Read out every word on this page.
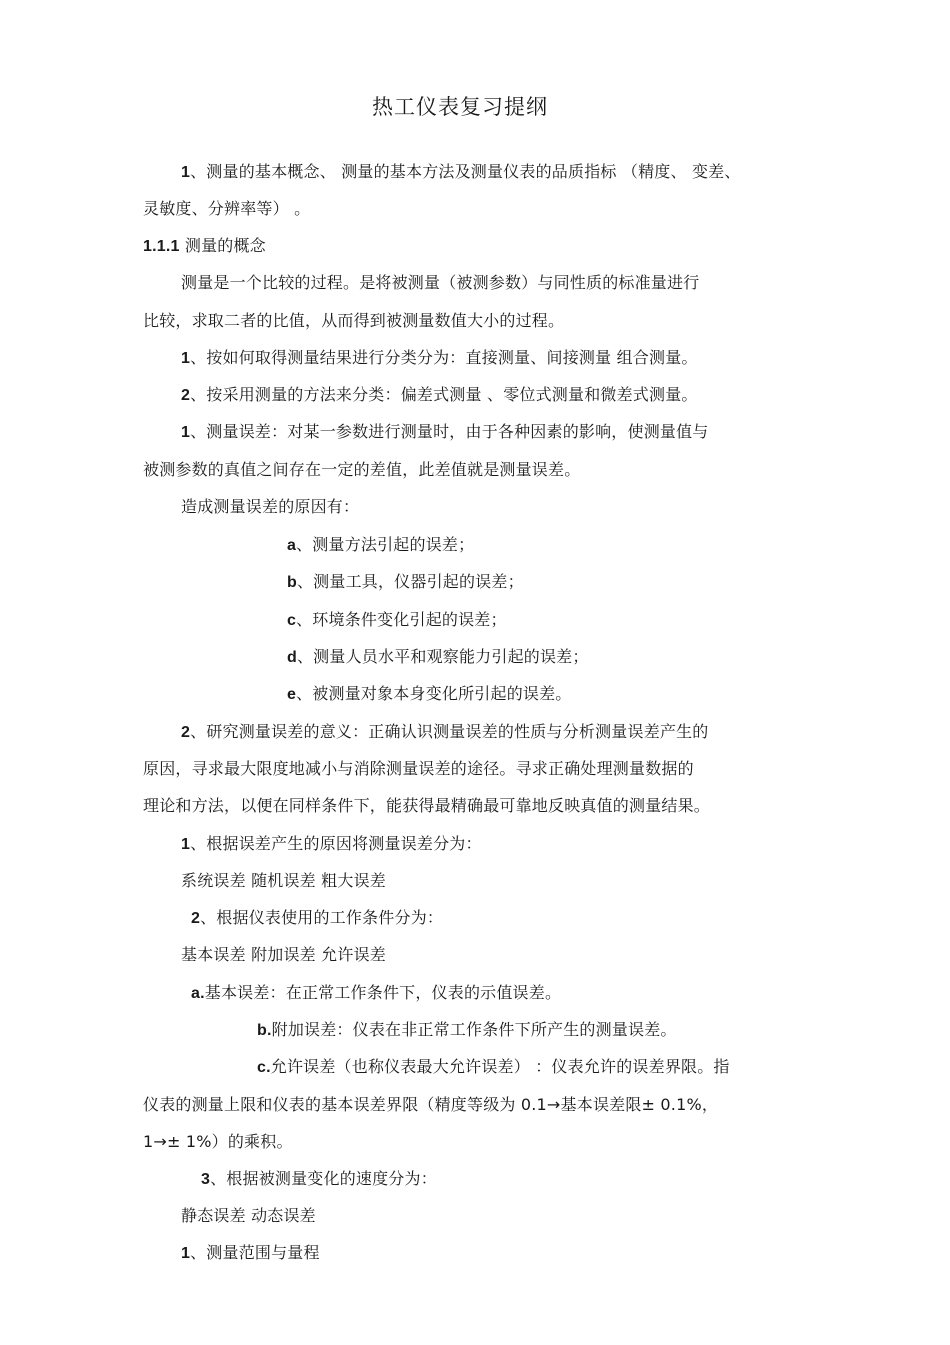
热工仪表复习提纲
1、测量的基本概念、 测量的基本方法及测量仪表的品质指标 （精度、 变差、
灵敏度、分辨率等） 。
1.1.1 测量的概念
测量是一个比较的过程。是将被测量（被测参数）与同性质的标准量进行
比较，求取二者的比值，从而得到被测量数值大小的过程。
1、按如何取得测量结果进行分类分为：直接测量、间接测量 组合测量。
2、按采用测量的方法来分类：偏差式测量 、零位式测量和微差式测量。
1、测量误差：对某一参数进行测量时，由于各种因素的影响，使测量值与
被测参数的真值之间存在一定的差值，此差值就是测量误差。
造成测量误差的原因有：
a、测量方法引起的误差；
b、测量工具，仪器引起的误差；
c、环境条件变化引起的误差；
d、测量人员水平和观察能力引起的误差；
e、被测量对象本身变化所引起的误差。
2、研究测量误差的意义：正确认识测量误差的性质与分析测量误差产生的
原因，寻求最大限度地减小与消除测量误差的途径。寻求正确处理测量数据的
理论和方法，以便在同样条件下，能获得最精确最可靠地反映真值的测量结果。
1、根据误差产生的原因将测量误差分为：
系统误差 随机误差 粗大误差
2、根据仪表使用的工作条件分为：
基本误差 附加误差 允许误差
a.基本误差：在正常工作条件下，仪表的示值误差。
b.附加误差：仪表在非正常工作条件下所产生的测量误差。
c.允许误差（也称仪表最大允许误差） ：仪表允许的误差界限。指
仪表的测量上限和仪表的基本误差界限（精度等级为 0.1→基本误差限± 0.1%，
1→± 1%）的乘积。
3、根据被测量变化的速度分为：
静态误差 动态误差
1、测量范围与量程
